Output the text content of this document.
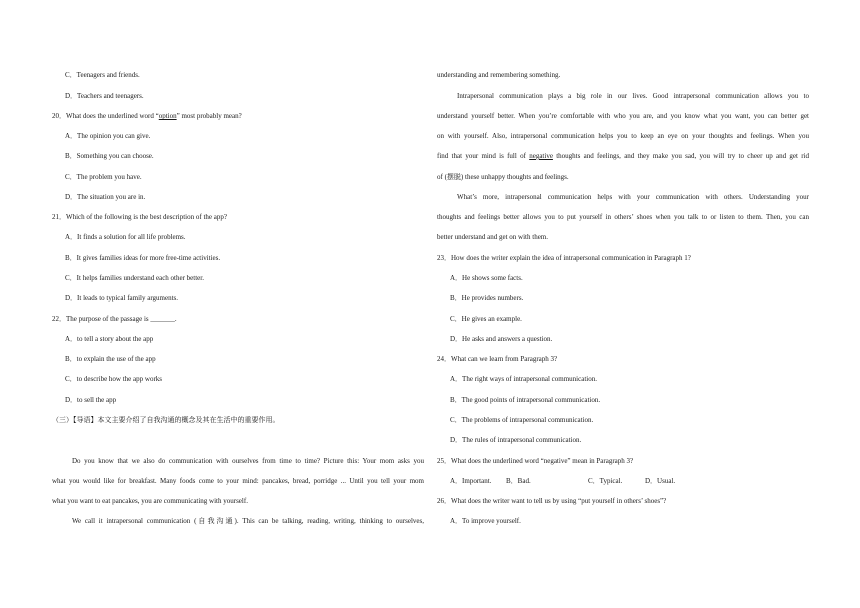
C．Teenagers and friends.
D．Teachers and teenagers.
20．What does the underlined word “option” most probably mean?
A．The opinion you can give.
B．Something you can choose.
C．The problem you have.
D．The situation you are in.
21．Which of the following is the best description of the app?
A．It finds a solution for all life problems.
B．It gives families ideas for more free-time activities.
C．It helps families understand each other better.
D．It leads to typical family arguments.
22．The purpose of the passage is _______.
A．to tell a story about the app
B．to explain the use of the app
C．to describe how the app works
D．to sell the app
（三）【导语】本文主要介绍了自我沟通的概念及其在生活中的重要作用。
Do you know that we also do communication with ourselves from time to time? Picture this: Your mom asks you
what you would like for breakfast. Many foods come to your mind: pancakes, bread, porridge ... Until you tell your mom
what you want to eat pancakes, you are communicating with yourself.
We call it intrapersonal communication (自我沟通). This can be talking, reading, writing, thinking to ourselves,
understanding and remembering something.
Intrapersonal communication plays a big role in our lives. Good intrapersonal communication allows you to
understand yourself better. When you’re comfortable with who you are, and you know what you want, you can better get
on with yourself. Also, intrapersonal communication helps you to keep an eye on your thoughts and feelings. When you
find that your mind is full of negative thoughts and feelings, and they make you sad, you will try to cheer up and get rid
of (摆脱) these unhappy thoughts and feelings.
What’s more, intrapersonal communication helps with your communication with others. Understanding your
thoughts and feelings better allows you to put yourself in others’ shoes when you talk to or listen to them. Then, you can
better understand and get on with them.
23．How does the writer explain the idea of intrapersonal communication in Paragraph 1?
A．He shows some facts.
B．He provides numbers.
C．He gives an example.
D．He asks and answers a question.
24．What can we learn from Paragraph 3?
A．The right ways of intrapersonal communication.
B．The good points of intrapersonal communication.
C．The problems of intrapersonal communication.
D．The rules of intrapersonal communication.
25．What does the underlined word “negative” mean in Paragraph 3?
A．Important. B．Bad.	C．Typical.	D．Usual.
26．What does the writer want to tell us by using “put yourself in others’ shoes”?
A．To improve yourself.
